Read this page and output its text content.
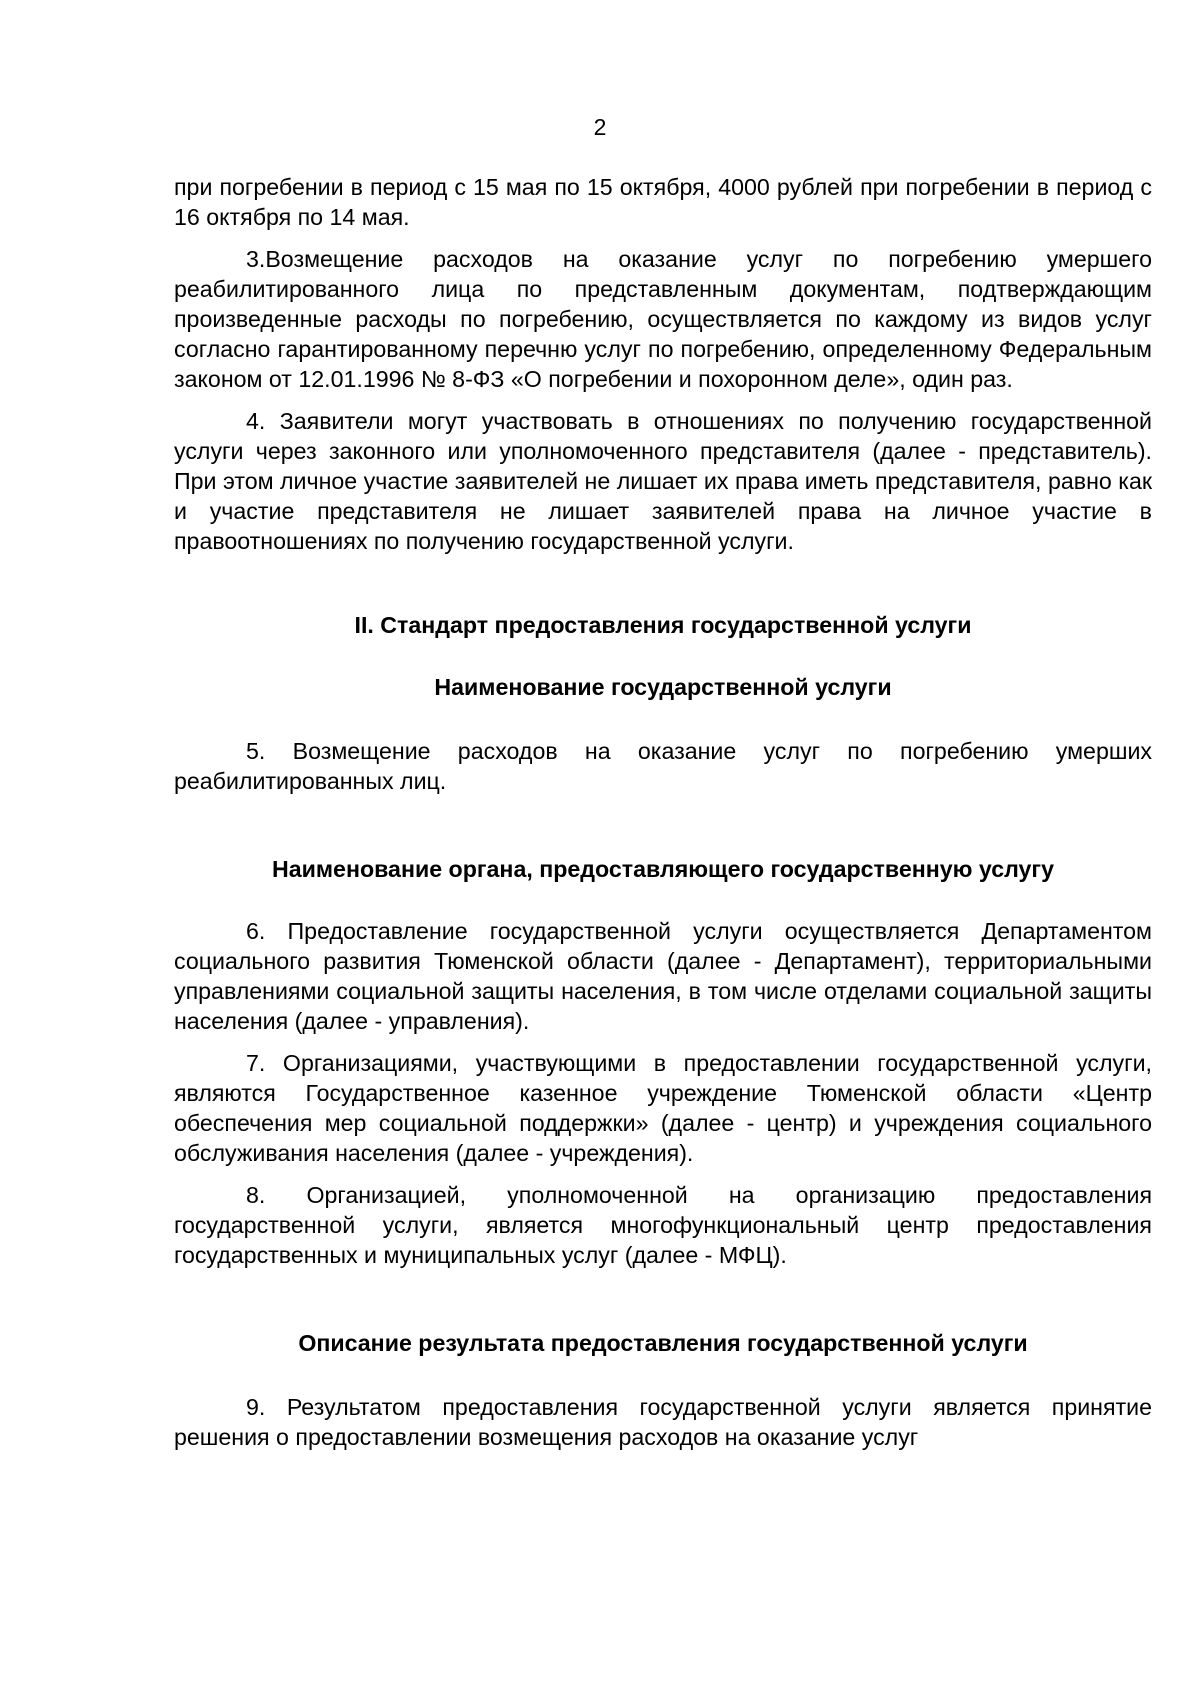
2

при погребении в период с 15 мая по 15 октября, 4000 рублей при погребении в период с 16 октября по 14 мая.

3.Возмещение расходов на оказание услуг по погребению умершего реабилитированного лица по представленным документам, подтверждающим произведенные расходы по погребению, осуществляется по каждому из видов услуг согласно гарантированному перечню услуг по погребению, определенному Федеральным законом от 12.01.1996 № 8-ФЗ «О погребении и похоронном деле», один раз.

4. Заявители могут участвовать в отношениях по получению государственной услуги через законного или уполномоченного представителя (далее - представитель). При этом личное участие заявителей не лишает их права иметь представителя, равно как и участие представителя не лишает заявителей права на личное участие в правоотношениях по получению государственной услуги.

II. Стандарт предоставления государственной услуги
Наименование государственной услуги

5. Возмещение расходов на оказание услуг по погребению умерших реабилитированных лиц.

Наименование органа, предоставляющего государственную услугу

6. Предоставление государственной услуги осуществляется Департаментом социального развития Тюменской области (далее - Департамент), территориальными управлениями социальной защиты населения, в том числе отделами социальной защиты населения (далее - управления).

7. Организациями, участвующими в предоставлении государственной услуги, являются Государственное казенное учреждение Тюменской области «Центр обеспечения мер социальной поддержки» (далее - центр) и учреждения социального обслуживания населения (далее - учреждения).

8. Организацией, уполномоченной на организацию предоставления государственной услуги, является многофункциональный центр предоставления государственных и муниципальных услуг (далее - МФЦ).

Описание результата предоставления государственной услуги

9. Результатом предоставления государственной услуги является принятие решения о предоставлении возмещения расходов на оказание услуг
